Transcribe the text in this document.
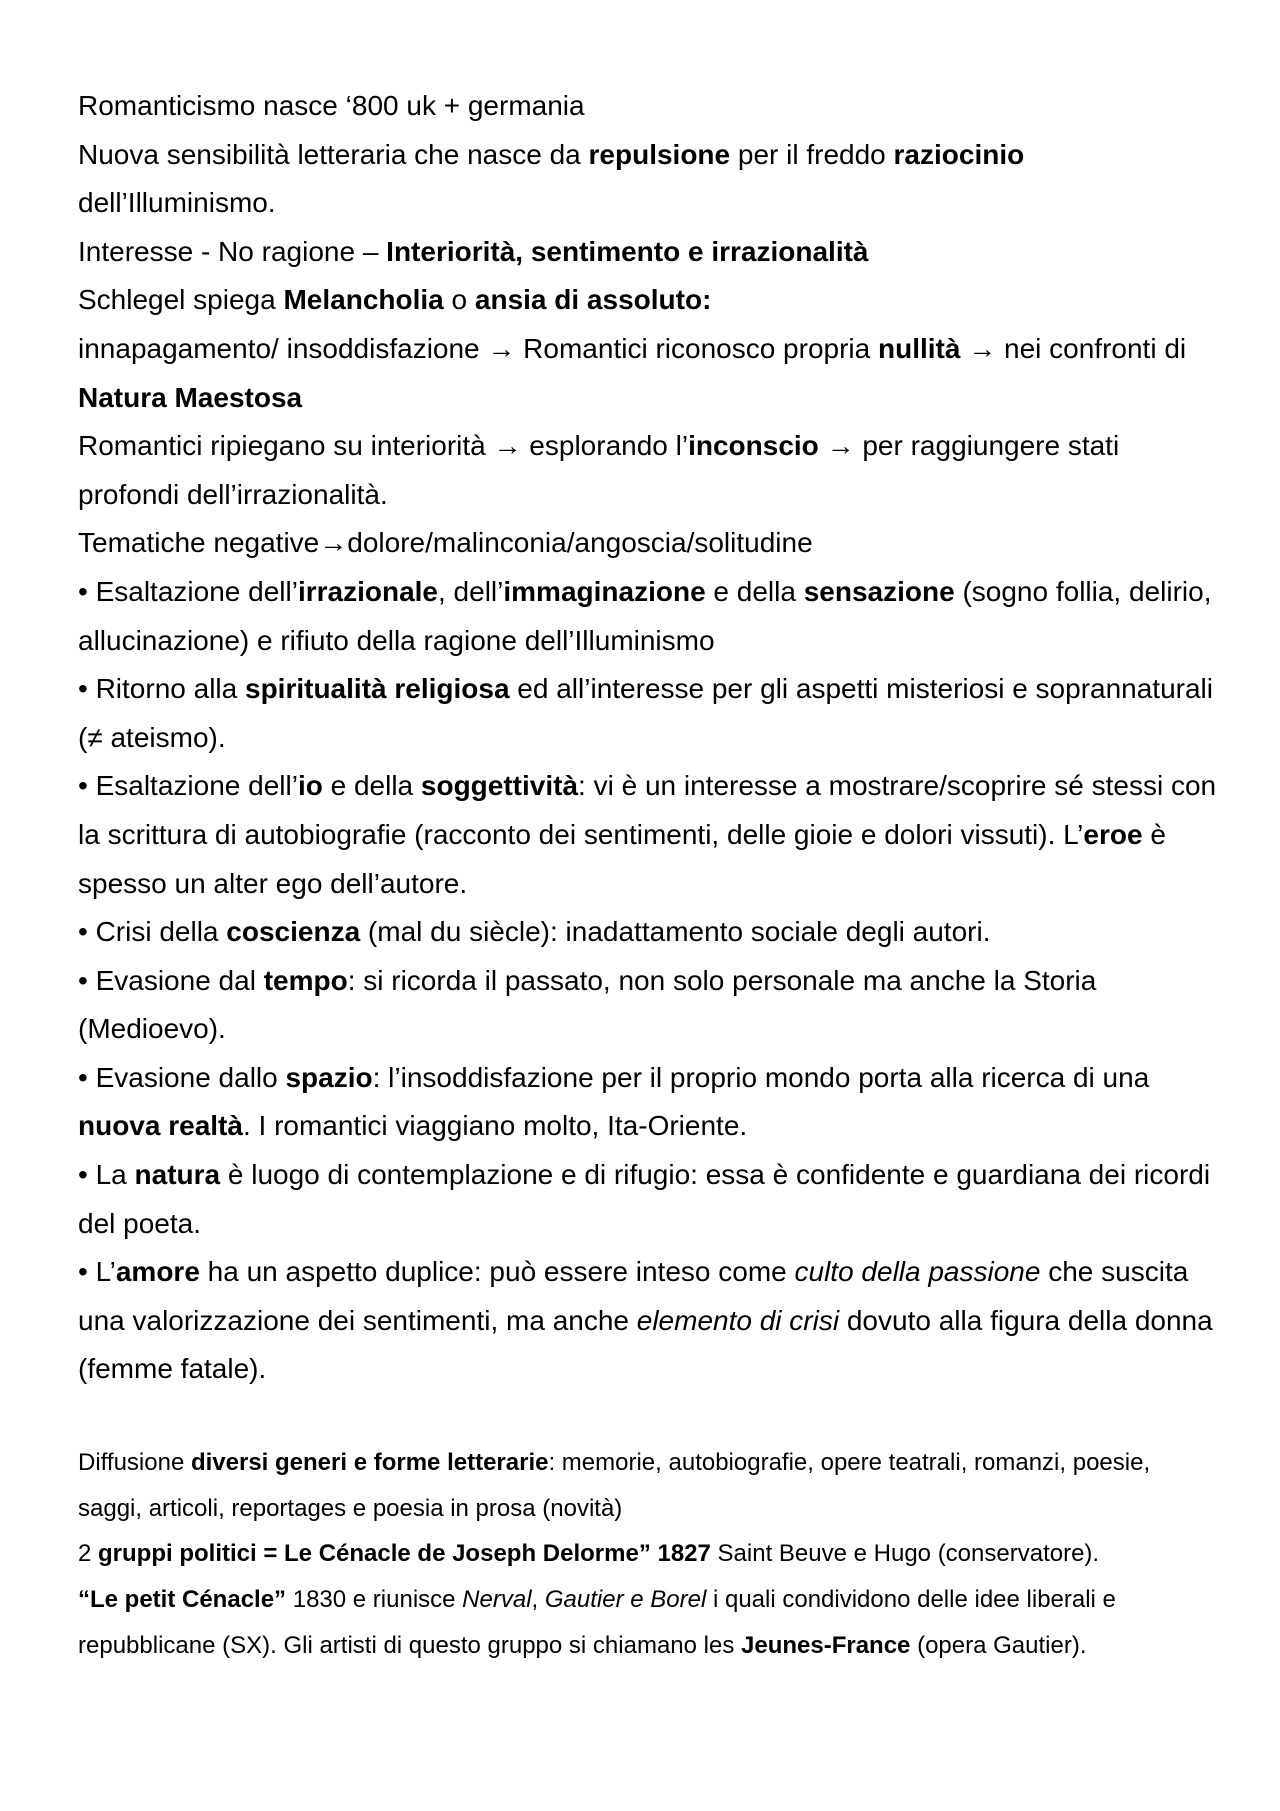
Romanticismo nasce ‘800 uk + germania

Nuova sensibilità letteraria che nasce da repulsione per il freddo raziocinio dell’Illuminismo.

Interesse - No ragione – Interiorità, sentimento e irrazionalità

Schlegel spiega Melancholia o ansia di assoluto:

innapagamento/ insoddisfazione → Romantici riconosco propria nullità → nei confronti di Natura Maestosa

Romantici ripiegano su interiorità → esplorando l’inconscio → per raggiungere stati profondi dell’irrazionalità.

Tematiche negative→dolore/malinconia/angoscia/solitudine

• Esaltazione dell’irrazionale, dell’immaginazione e della sensazione (sogno follia, delirio, allucinazione) e rifiuto della ragione dell’Illuminismo

• Ritorno alla spiritualità religiosa ed all’interesse per gli aspetti misteriosi e soprannaturali (≠ ateismo).

• Esaltazione dell’io e della soggettività: vi è un interesse a mostrare/scoprire sé stessi con la scrittura di autobiografie (racconto dei sentimenti, delle gioie e dolori vissuti). L’eroe è spesso un alter ego dell’autore.

• Crisi della coscienza (mal du siècle): inadattamento sociale degli autori.

• Evasione dal tempo: si ricorda il passato, non solo personale ma anche la Storia (Medioevo).

• Evasione dallo spazio: l’insoddisfazione per il proprio mondo porta alla ricerca di una nuova realtà. I romantici viaggiano molto, Ita-Oriente.

• La natura è luogo di contemplazione e di rifugio: essa è confidente e guardiana dei ricordi del poeta.

• L’amore ha un aspetto duplice: può essere inteso come culto della passione che suscita una valorizzazione dei sentimenti, ma anche elemento di crisi dovuto alla figura della donna (femme fatale).

Diffusione diversi generi e forme letterarie: memorie, autobiografie, opere teatrali, romanzi, poesie, saggi, articoli, reportages e poesia in prosa (novità)

2 gruppi politici = Le Cénacle de Joseph Delorme” 1827 Saint Beuve e Hugo (conservatore).

“Le petit Cénacle” 1830 e riunisce Nerval, Gautier e Borel i quali condividono delle idee liberali e repubblicane (SX). Gli artisti di questo gruppo si chiamano les Jeunes-France (opera Gautier).
